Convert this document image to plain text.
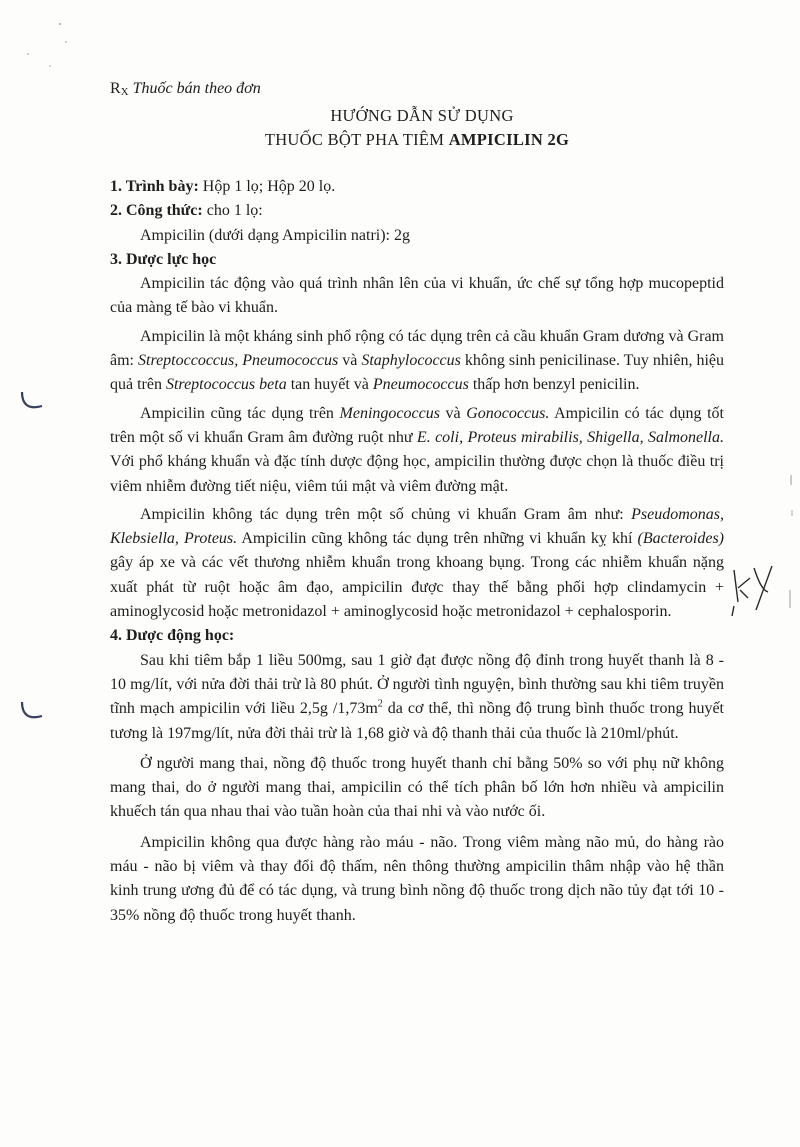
RX Thuốc bán theo đơn
HƯỚNG DẪN SỬ DỤNG
THUỐC BỘT PHA TIÊM AMPICILIN 2G

1. Trình bày: Hộp 1 lọ; Hộp 20 lọ.

2. Công thức: cho 1 lọ:

Ampicilin (dưới dạng Ampicilin natri): 2g

3. Dược lực học

Ampicilin tác động vào quá trình nhân lên của vi khuẩn, ức chế sự tổng hợp mucopeptid của màng tế bào vi khuẩn.

Ampicilin là một kháng sinh phổ rộng có tác dụng trên cả cầu khuẩn Gram dương và Gram âm: Streptoccoccus, Pneumococcus và Staphylococcus không sinh penicilinase. Tuy nhiên, hiệu quả trên Streptococcus beta tan huyết và Pneumococcus thấp hơn benzyl penicilin.

Ampicilin cũng tác dụng trên Meningococcus và Gonococcus. Ampicilin có tác dụng tốt trên một số vi khuẩn Gram âm đường ruột như E. coli, Proteus mirabilis, Shigella, Salmonella. Với phổ kháng khuẩn và đặc tính dược động học, ampicilin thường được chọn là thuốc điều trị viêm nhiễm đường tiết niệu, viêm túi mật và viêm đường mật.

Ampicilin không tác dụng trên một số chủng vi khuẩn Gram âm như: Pseudomonas, Klebsiella, Proteus. Ampicilin cũng không tác dụng trên những vi khuẩn kỵ khí (Bacteroides) gây áp xe và các vết thương nhiễm khuẩn trong khoang bụng. Trong các nhiễm khuẩn nặng xuất phát từ ruột hoặc âm đạo, ampicilin được thay thế bằng phối hợp clindamycin + aminoglycosid hoặc metronidazol + aminoglycosid hoặc metronidazol + cephalosporin.

4. Dược động học:

Sau khi tiêm bắp 1 liều 500mg, sau 1 giờ đạt được nồng độ đỉnh trong huyết thanh là 8 - 10 mg/lít, với nửa đời thải trừ là 80 phút. Ở người tình nguyện, bình thường sau khi tiêm truyền tĩnh mạch ampicilin với liều 2,5g $/1,73m^2$ da cơ thể, thì nồng độ trung bình thuốc trong huyết tương là 197mg/lít, nửa đời thải trừ là 1,68 giờ và độ thanh thải của thuốc là 210ml/phút.

Ở người mang thai, nồng độ thuốc trong huyết thanh chỉ bằng 50% so với phụ nữ không mang thai, do ở người mang thai, ampicilin có thể tích phân bố lớn hơn nhiều và ampicilin khuếch tán qua nhau thai vào tuần hoàn của thai nhi và vào nước ối.

Ampicilin không qua được hàng rào máu - não. Trong viêm màng não mủ, do hàng rào máu - não bị viêm và thay đổi độ thấm, nên thông thường ampicilin thâm nhập vào hệ thần kinh trung ương đủ để có tác dụng, và trung bình nồng độ thuốc trong dịch não tủy đạt tới 10 - 35% nồng độ thuốc trong huyết thanh.
